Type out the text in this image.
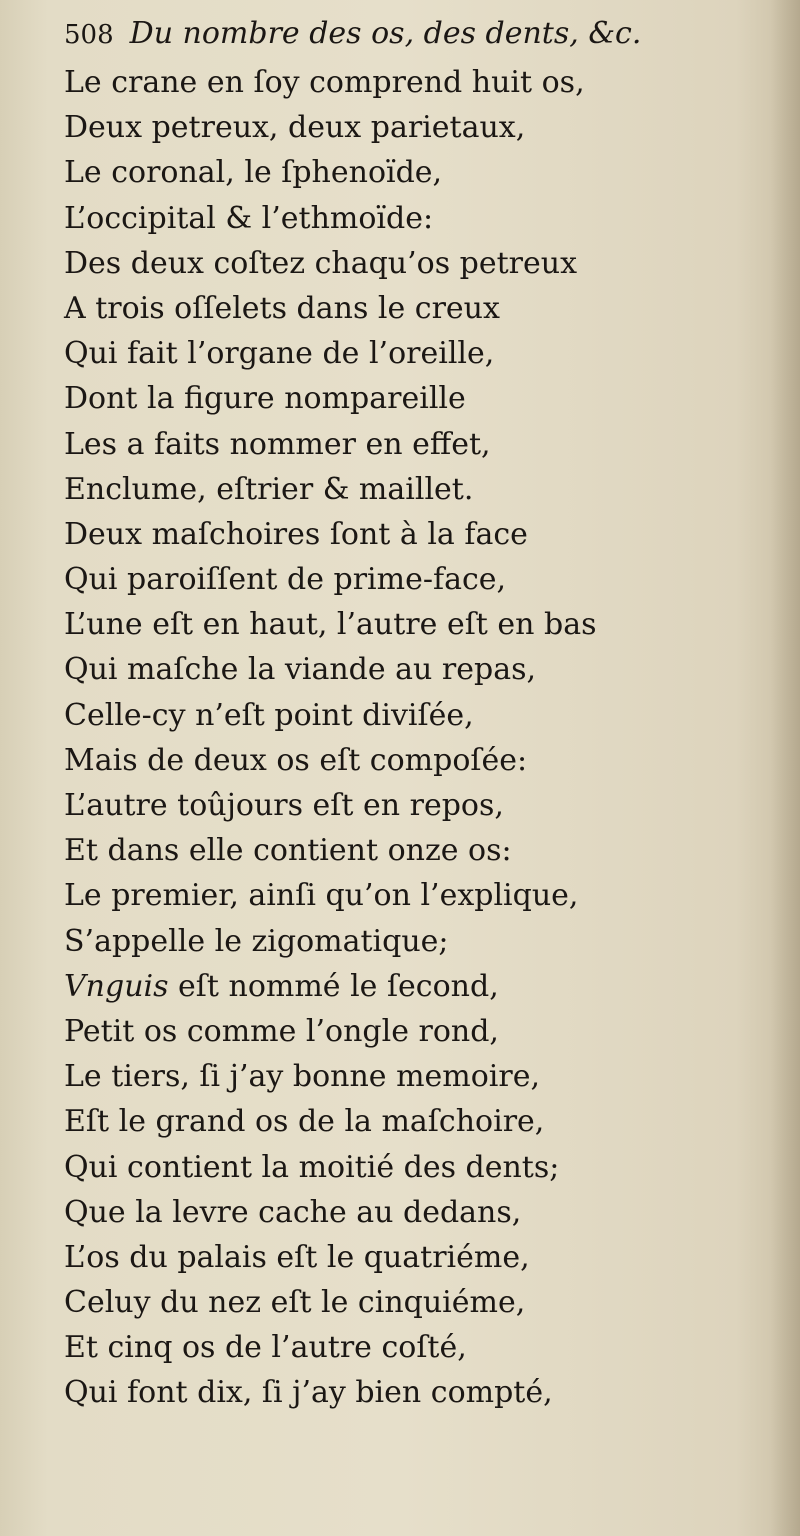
508 Du nombre des os, des dents, &c.
Le crane en ſoy comprend huit os,
Deux petreux, deux parietaux,
Le coronal, le ſphenoïde,
L’occipital & l’ethmoïde:
Des deux coſtez chaqu’os petreux
A trois oſſelets dans le creux
Qui fait l’organe de l’oreille,
Dont la figure nompareille
Les a faits nommer en effet,
Enclume, eſtrier & maillet.
Deux maſchoires ſont à la face
Qui paroiſſent de prime-face,
L’une eſt en haut, l’autre eſt en bas
Qui maſche la viande au repas,
Celle-cy n’eſt point diviſée,
Mais de deux os eſt compoſée:
L’autre toûjours eſt en repos,
Et dans elle contient onze os:
Le premier, ainſi qu’on l’explique,
S’appelle le zigomatique;
Vnguis eſt nommé le ſecond,
Petit os comme l’ongle rond,
Le tiers, ſi j’ay bonne memoire,
Eſt le grand os de la maſchoire,
Qui contient la moitié des dents;
Que la levre cache au dedans,
L’os du palais eſt le quatriéme,
Celuy du nez eſt le cinquiéme,
Et cinq os de l’autre coſté,
Qui font dix, ſi j’ay bien compté,
